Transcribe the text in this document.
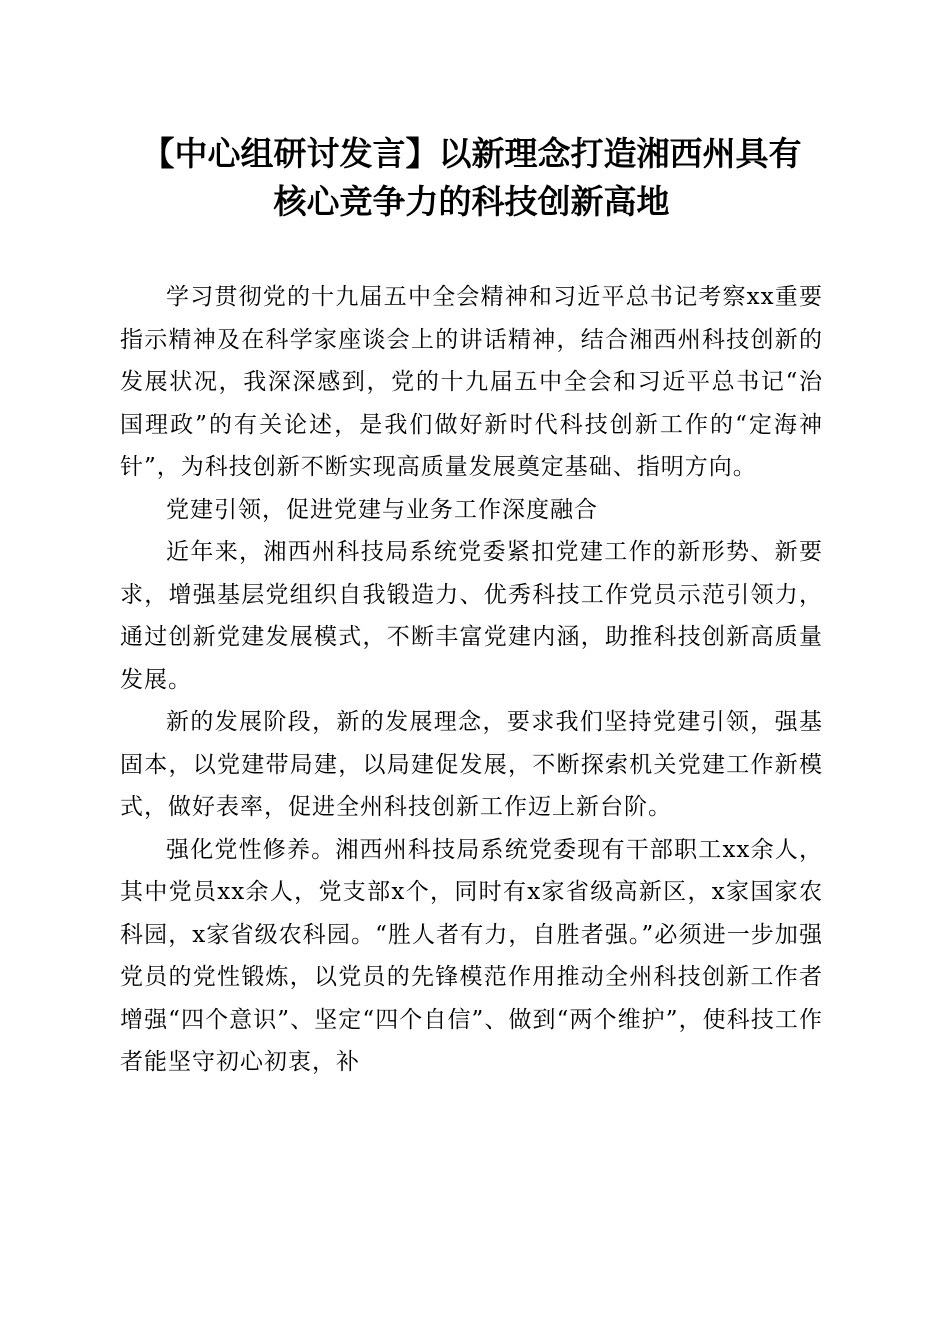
【中心组研讨发言】以新理念打造湘西州具有
核心竞争力的科技创新高地

学习贯彻党的十九届五中全会精神和习近平总书记考察xx重要指示精神及在科学家座谈会上的讲话精神，结合湘西州科技创新的发展状况，我深深感到，党的十九届五中全会和习近平总书记“治国理政”的有关论述，是我们做好新时代科技创新工作的“定海神针”，为科技创新不断实现高质量发展奠定基础、指明方向。

党建引领，促进党建与业务工作深度融合

近年来，湘西州科技局系统党委紧扣党建工作的新形势、新要求，增强基层党组织自我锻造力、优秀科技工作党员示范引领力，通过创新党建发展模式，不断丰富党建内涵，助推科技创新高质量发展。

新的发展阶段，新的发展理念，要求我们坚持党建引领，强基固本，以党建带局建，以局建促发展，不断探索机关党建工作新模式，做好表率，促进全州科技创新工作迈上新台阶。

强化党性修养。湘西州科技局系统党委现有干部职工xx余人，其中党员xx余人，党支部x个，同时有x家省级高新区，x家国家农科园，x家省级农科园。“胜人者有力，自胜者强。”必须进一步加强党员的党性锻炼，以党员的先锋模范作用推动全州科技创新工作者增强“四个意识”、坚定“四个自信”、做到“两个维护”，使科技工作者能坚守初心初衷，补
